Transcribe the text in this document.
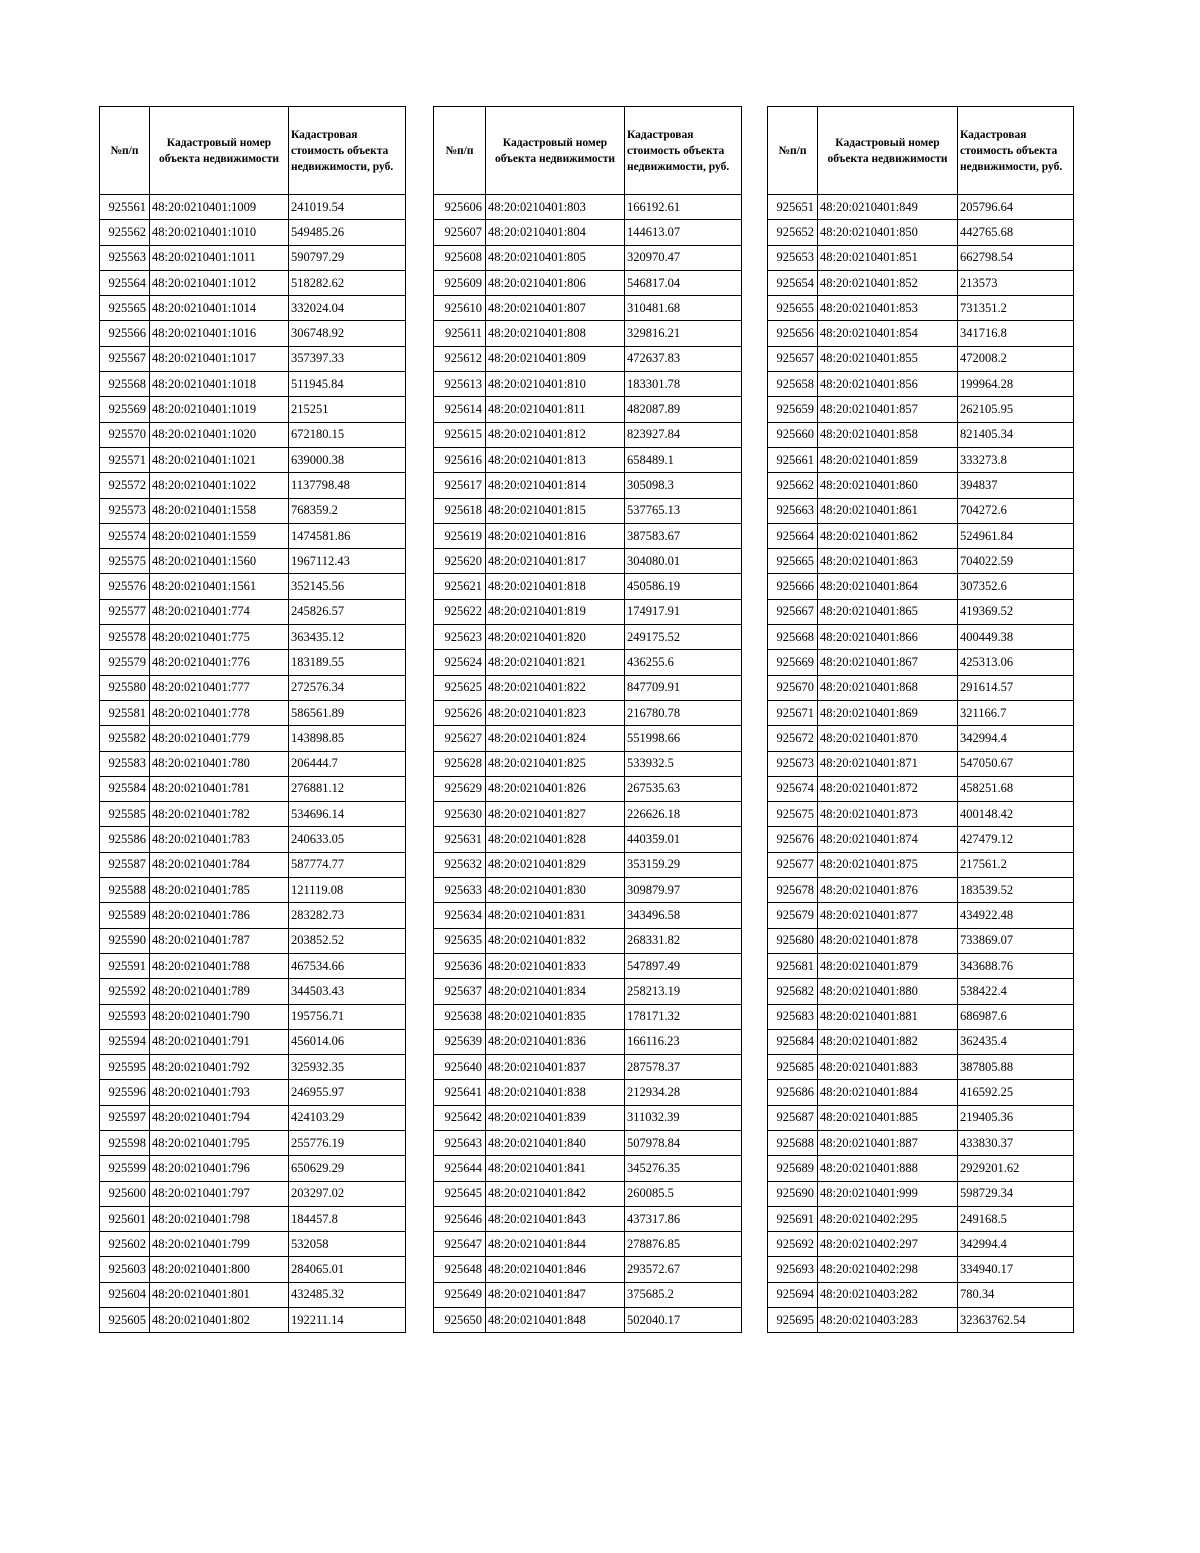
№п/п	Кадастровый номер объекта недвижимости	Кадастровая стоимость объекта недвижимости, руб.
925561	48:20:0210401:1009	241019.54
925562	48:20:0210401:1010	549485.26
925563	48:20:0210401:1011	590797.29
925564	48:20:0210401:1012	518282.62
925565	48:20:0210401:1014	332024.04
925566	48:20:0210401:1016	306748.92
925567	48:20:0210401:1017	357397.33
925568	48:20:0210401:1018	511945.84
925569	48:20:0210401:1019	215251
925570	48:20:0210401:1020	672180.15
925571	48:20:0210401:1021	639000.38
925572	48:20:0210401:1022	1137798.48
925573	48:20:0210401:1558	768359.2
925574	48:20:0210401:1559	1474581.86
925575	48:20:0210401:1560	1967112.43
925576	48:20:0210401:1561	352145.56
925577	48:20:0210401:774	245826.57
925578	48:20:0210401:775	363435.12
925579	48:20:0210401:776	183189.55
925580	48:20:0210401:777	272576.34
925581	48:20:0210401:778	586561.89
925582	48:20:0210401:779	143898.85
925583	48:20:0210401:780	206444.7
925584	48:20:0210401:781	276881.12
925585	48:20:0210401:782	534696.14
925586	48:20:0210401:783	240633.05
925587	48:20:0210401:784	587774.77
925588	48:20:0210401:785	121119.08
925589	48:20:0210401:786	283282.73
925590	48:20:0210401:787	203852.52
925591	48:20:0210401:788	467534.66
925592	48:20:0210401:789	344503.43
925593	48:20:0210401:790	195756.71
925594	48:20:0210401:791	456014.06
925595	48:20:0210401:792	325932.35
925596	48:20:0210401:793	246955.97
925597	48:20:0210401:794	424103.29
925598	48:20:0210401:795	255776.19
925599	48:20:0210401:796	650629.29
925600	48:20:0210401:797	203297.02
925601	48:20:0210401:798	184457.8
925602	48:20:0210401:799	532058
925603	48:20:0210401:800	284065.01
925604	48:20:0210401:801	432485.32
925605	48:20:0210401:802	192211.14
№п/п	Кадастровый номер объекта недвижимости	Кадастровая стоимость объекта недвижимости, руб.
925606	48:20:0210401:803	166192.61
925607	48:20:0210401:804	144613.07
925608	48:20:0210401:805	320970.47
925609	48:20:0210401:806	546817.04
925610	48:20:0210401:807	310481.68
925611	48:20:0210401:808	329816.21
925612	48:20:0210401:809	472637.83
925613	48:20:0210401:810	183301.78
925614	48:20:0210401:811	482087.89
925615	48:20:0210401:812	823927.84
925616	48:20:0210401:813	658489.1
925617	48:20:0210401:814	305098.3
925618	48:20:0210401:815	537765.13
925619	48:20:0210401:816	387583.67
925620	48:20:0210401:817	304080.01
925621	48:20:0210401:818	450586.19
925622	48:20:0210401:819	174917.91
925623	48:20:0210401:820	249175.52
925624	48:20:0210401:821	436255.6
925625	48:20:0210401:822	847709.91
925626	48:20:0210401:823	216780.78
925627	48:20:0210401:824	551998.66
925628	48:20:0210401:825	533932.5
925629	48:20:0210401:826	267535.63
925630	48:20:0210401:827	226626.18
925631	48:20:0210401:828	440359.01
925632	48:20:0210401:829	353159.29
925633	48:20:0210401:830	309879.97
925634	48:20:0210401:831	343496.58
925635	48:20:0210401:832	268331.82
925636	48:20:0210401:833	547897.49
925637	48:20:0210401:834	258213.19
925638	48:20:0210401:835	178171.32
925639	48:20:0210401:836	166116.23
925640	48:20:0210401:837	287578.37
925641	48:20:0210401:838	212934.28
925642	48:20:0210401:839	311032.39
925643	48:20:0210401:840	507978.84
925644	48:20:0210401:841	345276.35
925645	48:20:0210401:842	260085.5
925646	48:20:0210401:843	437317.86
925647	48:20:0210401:844	278876.85
925648	48:20:0210401:846	293572.67
925649	48:20:0210401:847	375685.2
925650	48:20:0210401:848	502040.17
№п/п	Кадастровый номер объекта недвижимости	Кадастровая стоимость объекта недвижимости, руб.
925651	48:20:0210401:849	205796.64
925652	48:20:0210401:850	442765.68
925653	48:20:0210401:851	662798.54
925654	48:20:0210401:852	213573
925655	48:20:0210401:853	731351.2
925656	48:20:0210401:854	341716.8
925657	48:20:0210401:855	472008.2
925658	48:20:0210401:856	199964.28
925659	48:20:0210401:857	262105.95
925660	48:20:0210401:858	821405.34
925661	48:20:0210401:859	333273.8
925662	48:20:0210401:860	394837
925663	48:20:0210401:861	704272.6
925664	48:20:0210401:862	524961.84
925665	48:20:0210401:863	704022.59
925666	48:20:0210401:864	307352.6
925667	48:20:0210401:865	419369.52
925668	48:20:0210401:866	400449.38
925669	48:20:0210401:867	425313.06
925670	48:20:0210401:868	291614.57
925671	48:20:0210401:869	321166.7
925672	48:20:0210401:870	342994.4
925673	48:20:0210401:871	547050.67
925674	48:20:0210401:872	458251.68
925675	48:20:0210401:873	400148.42
925676	48:20:0210401:874	427479.12
925677	48:20:0210401:875	217561.2
925678	48:20:0210401:876	183539.52
925679	48:20:0210401:877	434922.48
925680	48:20:0210401:878	733869.07
925681	48:20:0210401:879	343688.76
925682	48:20:0210401:880	538422.4
925683	48:20:0210401:881	686987.6
925684	48:20:0210401:882	362435.4
925685	48:20:0210401:883	387805.88
925686	48:20:0210401:884	416592.25
925687	48:20:0210401:885	219405.36
925688	48:20:0210401:887	433830.37
925689	48:20:0210401:888	2929201.62
925690	48:20:0210401:999	598729.34
925691	48:20:0210402:295	249168.5
925692	48:20:0210402:297	342994.4
925693	48:20:0210402:298	334940.17
925694	48:20:0210403:282	780.34
925695	48:20:0210403:283	32363762.54
